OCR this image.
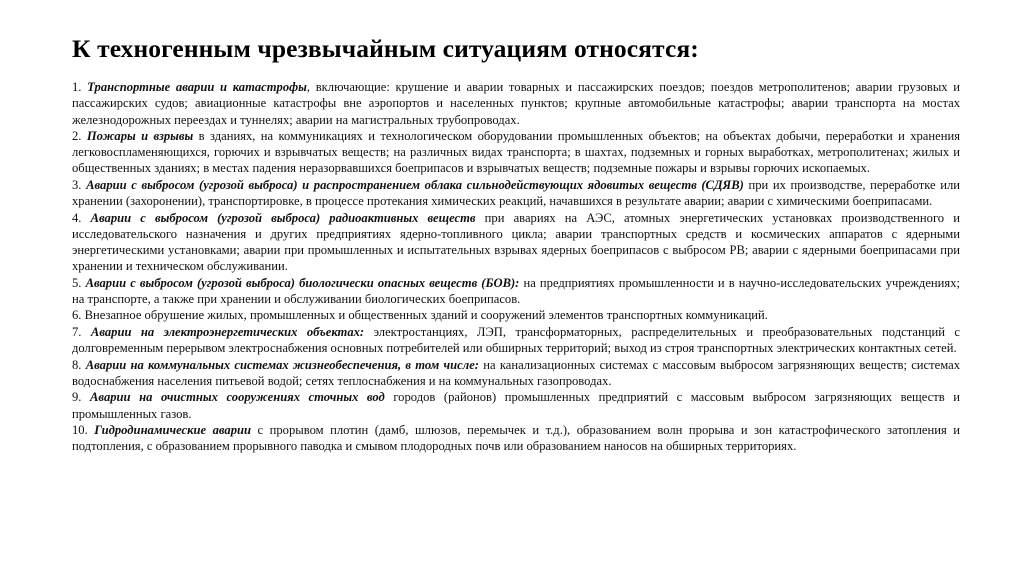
К техногенным чрезвычайным ситуациям относятся:

1. Транспортные аварии и катастрофы, включающие: крушение и аварии товарных и пассажирских поездов; поездов метрополитенов; аварии грузовых и пассажирских судов; авиационные катастрофы вне аэропортов и населенных пунктов; крупные автомобильные катастрофы; аварии транспорта на мостах железнодорожных переездах и туннелях; аварии на магистральных трубопроводах.

2. Пожары и взрывы в зданиях, на коммуникациях и технологическом оборудовании промышленных объектов; на объектах добычи, переработки и хранения легковоспламеняющихся, горючих и взрывчатых веществ; на различных видах транспорта; в шахтах, подземных и горных выработках, метрополитенах; жилых и общественных зданиях; в местах падения неразорвавшихся боеприпасов и взрывчатых веществ; подземные пожары и взрывы горючих ископаемых.

3. Аварии с выбросом (угрозой выброса) и распространением облака сильнодействующих ядовитых веществ (СДЯВ) при их производстве, переработке или хранении (захоронении), транспортировке, в процессе протекания химических реакций, начавшихся в результате аварии; аварии с химическими боеприпасами.

4. Аварии с выбросом (угрозой выброса) радиоактивных веществ при авариях на АЭС, атомных энергетических установках производственного и исследовательского назначения и других предприятиях ядерно-топливного цикла; аварии транспортных средств и космических аппаратов с ядерными энергетическими установками; аварии при промышленных и испытательных взрывах ядерных боеприпасов с выбросом РВ; аварии с ядерными боеприпасами при хранении и техническом обслуживании.

5. Аварии с выбросом (угрозой выброса) биологически опасных веществ (БОВ): на предприятиях промышленности и в научно-исследовательских учреждениях; на транспорте, а также при хранении и обслуживании биологических боеприпасов.

6. Внезапное обрушение жилых, промышленных и общественных зданий и сооружений элементов транспортных коммуникаций.

7. Аварии на электроэнергетических объектах: электростанциях, ЛЭП, трансформаторных, распределительных и преобразовательных подстанций с долговременным перерывом электроснабжения основных потребителей или обширных территорий; выход из строя транспортных электрических контактных сетей.

8. Аварии на коммунальных системах жизнеобеспечения, в том числе: на канализационных системах с массовым выбросом загрязняющих веществ; системах водоснабжения населения питьевой водой; сетях теплоснабжения и на коммунальных газопроводах.

9. Аварии на очистных сооружениях сточных вод городов (районов) промышленных предприятий с массовым выбросом загрязняющих веществ и промышленных газов.

10. Гидродинамические аварии с прорывом плотин (дамб, шлюзов, перемычек и т.д.), образованием волн прорыва и зон катастрофического затопления и подтопления, с образованием прорывного паводка и смывом плодородных почв или образованием наносов на обширных территориях.
